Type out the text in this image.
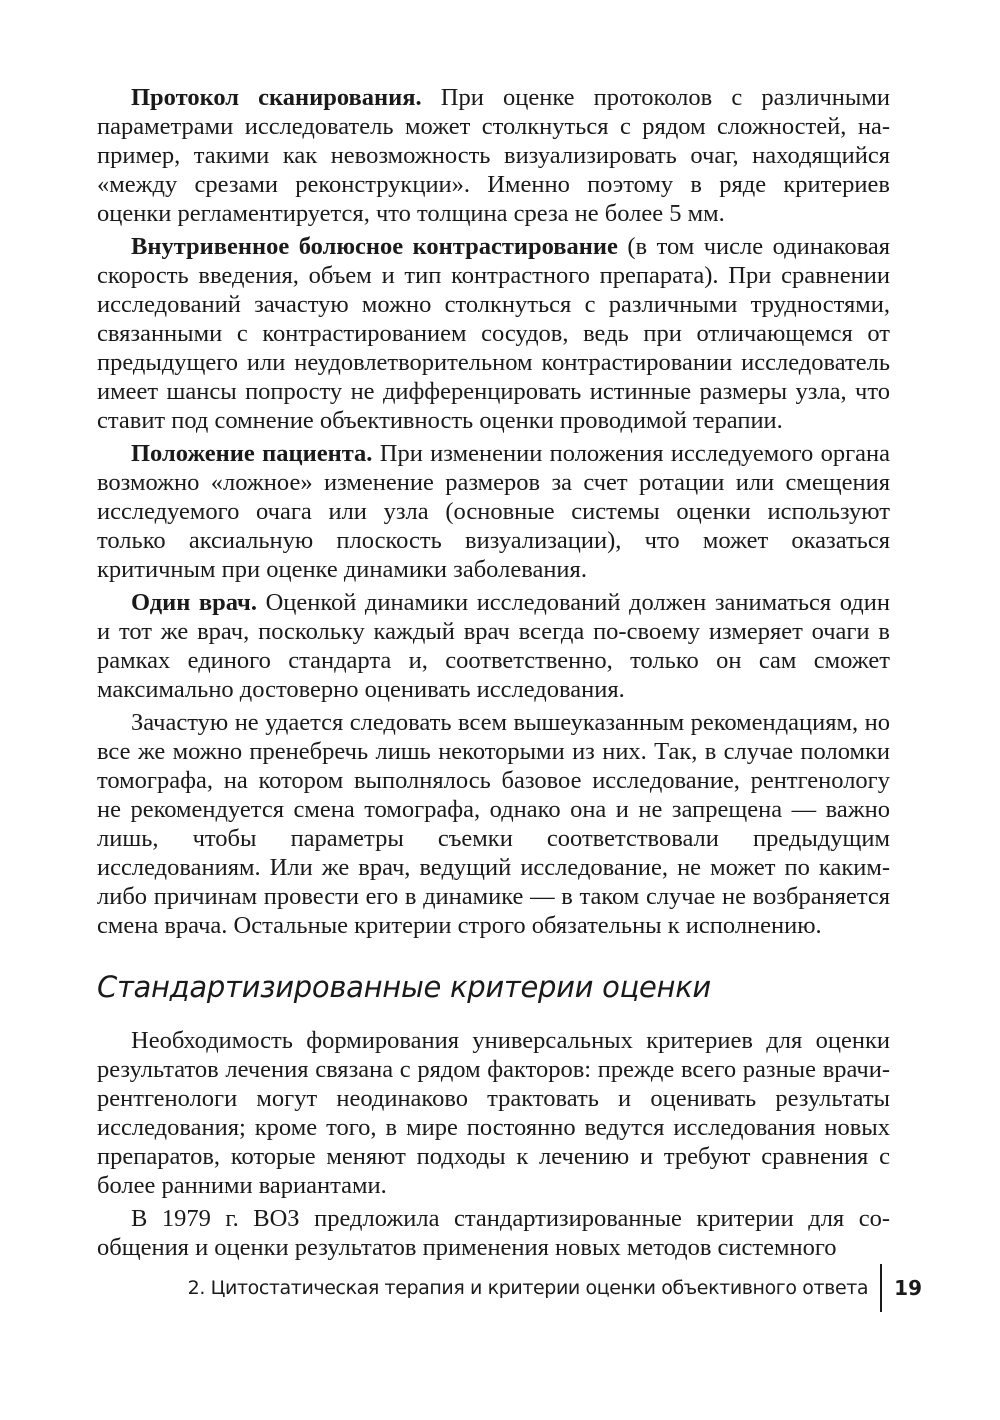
Протокол сканирования. При оценке протоколов с различными параметрами исследователь может столкнуться с рядом сложностей, например, такими как невозможность визуализировать очаг, находящийся «между срезами реконструкции». Именно поэтому в ряде критериев оценки регламентируется, что толщина среза не более 5 мм.

Внутривенное болюсное контрастирование (в том числе одинаковая скорость введения, объем и тип контрастного препарата). При сравнении исследований зачастую можно столкнуться с различными трудностями, связанными с контрастированием сосудов, ведь при отличающемся от предыдущего или неудовлетворительном контрастировании исследователь имеет шансы попросту не дифференцировать истинные размеры узла, что ставит под сомнение объективность оценки проводимой терапии.

Положение пациента. При изменении положения исследуемого органа возможно «ложное» изменение размеров за счет ротации или смещения исследуемого очага или узла (основные системы оценки используют только аксиальную плоскость визуализации), что может оказаться критичным при оценке динамики заболевания.

Один врач. Оценкой динамики исследований должен заниматься один и тот же врач, поскольку каждый врач всегда по-своему измеряет очаги в рамках единого стандарта и, соответственно, только он сам сможет максимально достоверно оценивать исследования.

Зачастую не удается следовать всем вышеуказанным рекомендациям, но все же можно пренебречь лишь некоторыми из них. Так, в случае поломки томографа, на котором выполнялось базовое исследование, рентгенологу не рекомендуется смена томографа, однако она и не запрещена — важно лишь, чтобы параметры съемки соответствовали предыдущим исследованиям. Или же врач, ведущий исследование, не может по каким-либо причинам провести его в динамике — в таком случае не возбраняется смена врача. Остальные критерии строго обязательны к исполнению.

Стандартизированные критерии оценки

Необходимость формирования универсальных критериев для оценки результатов лечения связана с рядом факторов: прежде всего разные врачи-рентгенологи могут неодинаково трактовать и оценивать результаты исследования; кроме того, в мире постоянно ведутся исследования новых препаратов, которые меняют подходы к лечению и требуют сравнения с более ранними вариантами.

В 1979 г. ВОЗ предложила стандартизированные критерии для сообщения и оценки результатов применения новых методов системного

2. Цитостатическая терапия и критерии оценки объективного ответа	19
